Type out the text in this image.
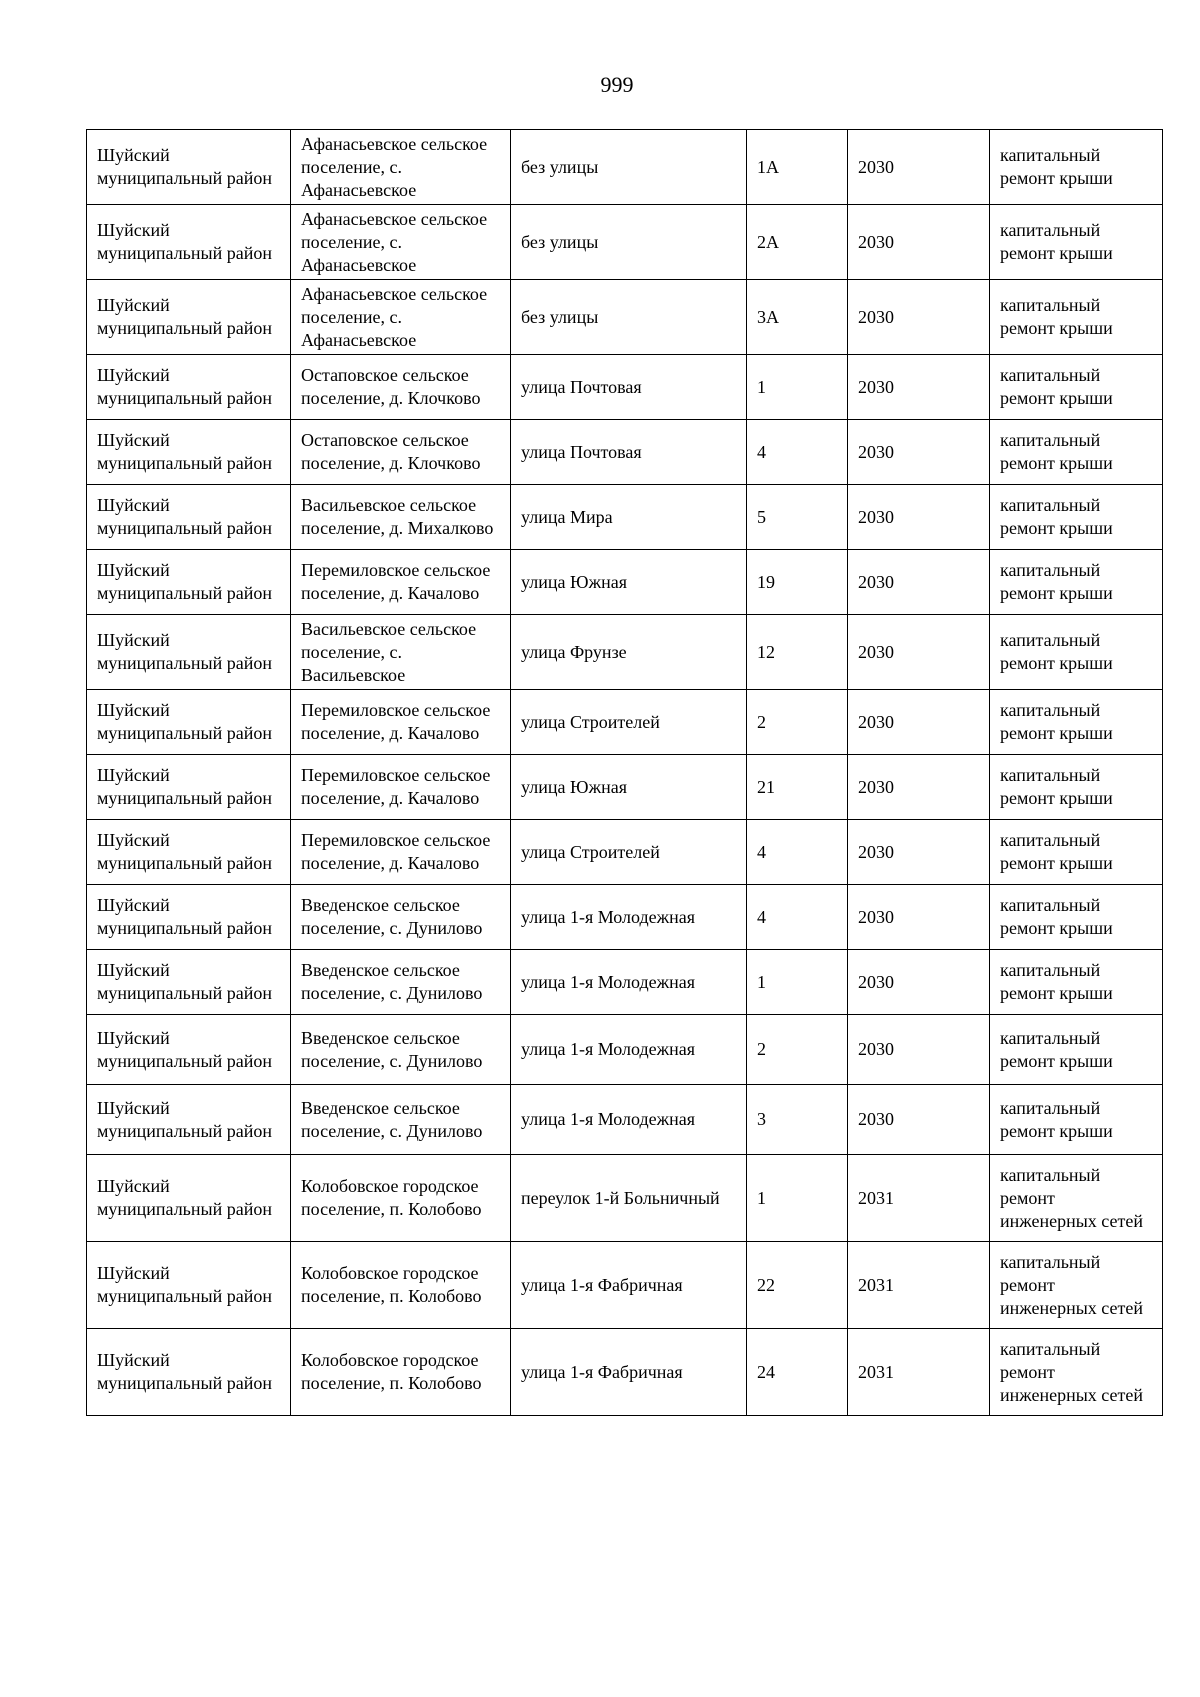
999
Шуйский муниципальный район	Афанасьевское сельское поселение, с. Афанасьевское	без улицы	1А	2030	капитальный ремонт крыши
Шуйский муниципальный район	Афанасьевское сельское поселение, с. Афанасьевское	без улицы	2А	2030	капитальный ремонт крыши
Шуйский муниципальный район	Афанасьевское сельское поселение, с. Афанасьевское	без улицы	3А	2030	капитальный ремонт крыши
Шуйский муниципальный район	Остаповское сельское поселение, д. Клочково	улица Почтовая	1	2030	капитальный ремонт крыши
Шуйский муниципальный район	Остаповское сельское поселение, д. Клочково	улица Почтовая	4	2030	капитальный ремонт крыши
Шуйский муниципальный район	Васильевское сельское поселение, д. Михалково	улица Мира	5	2030	капитальный ремонт крыши
Шуйский муниципальный район	Перемиловское сельское поселение, д. Качалово	улица Южная	19	2030	капитальный ремонт крыши
Шуйский муниципальный район	Васильевское сельское поселение, с. Васильевское	улица Фрунзе	12	2030	капитальный ремонт крыши
Шуйский муниципальный район	Перемиловское сельское поселение, д. Качалово	улица Строителей	2	2030	капитальный ремонт крыши
Шуйский муниципальный район	Перемиловское сельское поселение, д. Качалово	улица Южная	21	2030	капитальный ремонт крыши
Шуйский муниципальный район	Перемиловское сельское поселение, д. Качалово	улица Строителей	4	2030	капитальный ремонт крыши
Шуйский муниципальный район	Введенское сельское поселение, с. Дунилово	улица 1-я Молодежная	4	2030	капитальный ремонт крыши
Шуйский муниципальный район	Введенское сельское поселение, с. Дунилово	улица 1-я Молодежная	1	2030	капитальный ремонт крыши
Шуйский муниципальный район	Введенское сельское поселение, с. Дунилово	улица 1-я Молодежная	2	2030	капитальный ремонт крыши
Шуйский муниципальный район	Введенское сельское поселение, с. Дунилово	улица 1-я Молодежная	3	2030	капитальный ремонт крыши
Шуйский муниципальный район	Колобовское городское поселение, п. Колобово	переулок 1-й Больничный	1	2031	капитальный ремонт инженерных сетей
Шуйский муниципальный район	Колобовское городское поселение, п. Колобово	улица 1-я Фабричная	22	2031	капитальный ремонт инженерных сетей
Шуйский муниципальный район	Колобовское городское поселение, п. Колобово	улица 1-я Фабричная	24	2031	капитальный ремонт инженерных сетей
